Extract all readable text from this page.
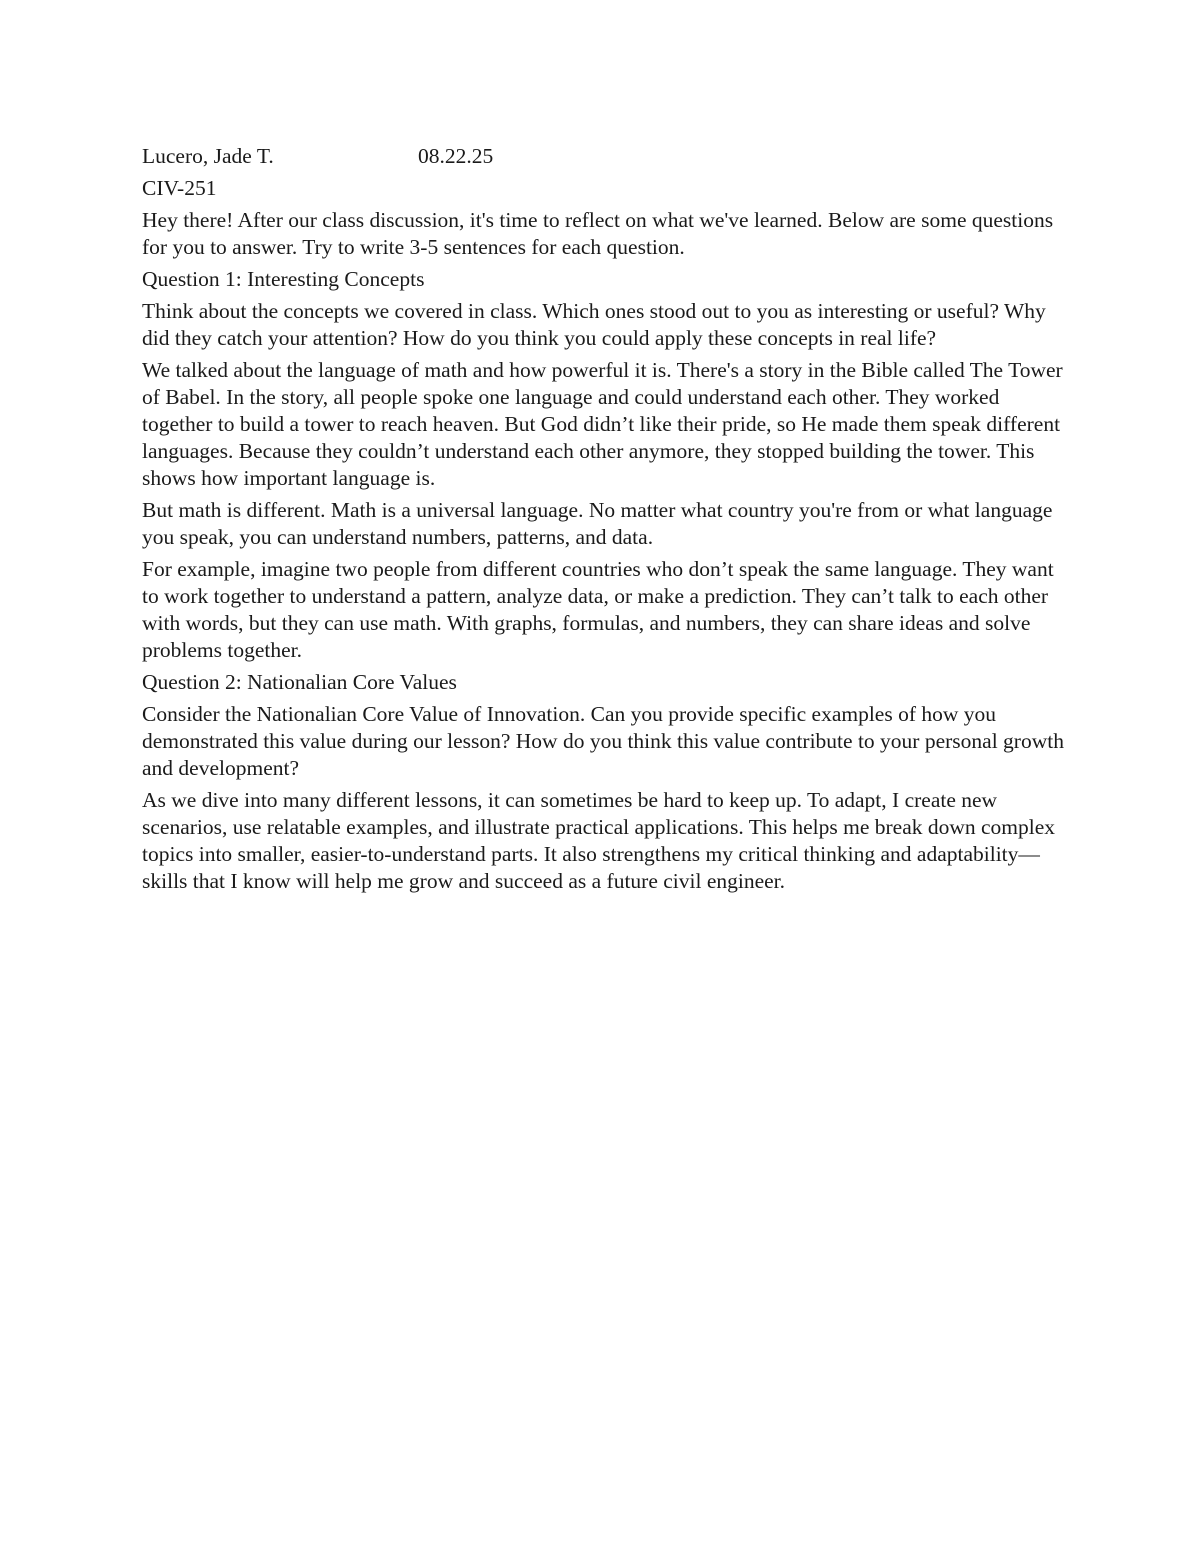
Lucero, Jade T.	08.22.25

CIV-251

Hey there! After our class discussion, it's time to reflect on what we've learned. Below are some questions for you to answer. Try to write 3-5 sentences for each question.

Question 1: Interesting Concepts

Think about the concepts we covered in class. Which ones stood out to you as interesting or useful? Why did they catch your attention? How do you think you could apply these concepts in real life?

We talked about the language of math and how powerful it is. There's a story in the Bible called The Tower of Babel. In the story, all people spoke one language and could understand each other. They worked together to build a tower to reach heaven. But God didn’t like their pride, so He made them speak different languages. Because they couldn’t understand each other anymore, they stopped building the tower. This shows how important language is.

But math is different. Math is a universal language. No matter what country you're from or what language you speak, you can understand numbers, patterns, and data.

For example, imagine two people from different countries who don’t speak the same language. They want to work together to understand a pattern, analyze data, or make a prediction. They can’t talk to each other with words, but they can use math. With graphs, formulas, and numbers, they can share ideas and solve problems together.

Question 2: Nationalian Core Values

Consider the Nationalian Core Value of Innovation. Can you provide specific examples of how you demonstrated this value during our lesson? How do you think this value contribute to your personal growth and development?

As we dive into many different lessons, it can sometimes be hard to keep up. To adapt, I create new scenarios, use relatable examples, and illustrate practical applications. This helps me break down complex topics into smaller, easier-to-understand parts. It also strengthens my critical thinking and adaptability—skills that I know will help me grow and succeed as a future civil engineer.
